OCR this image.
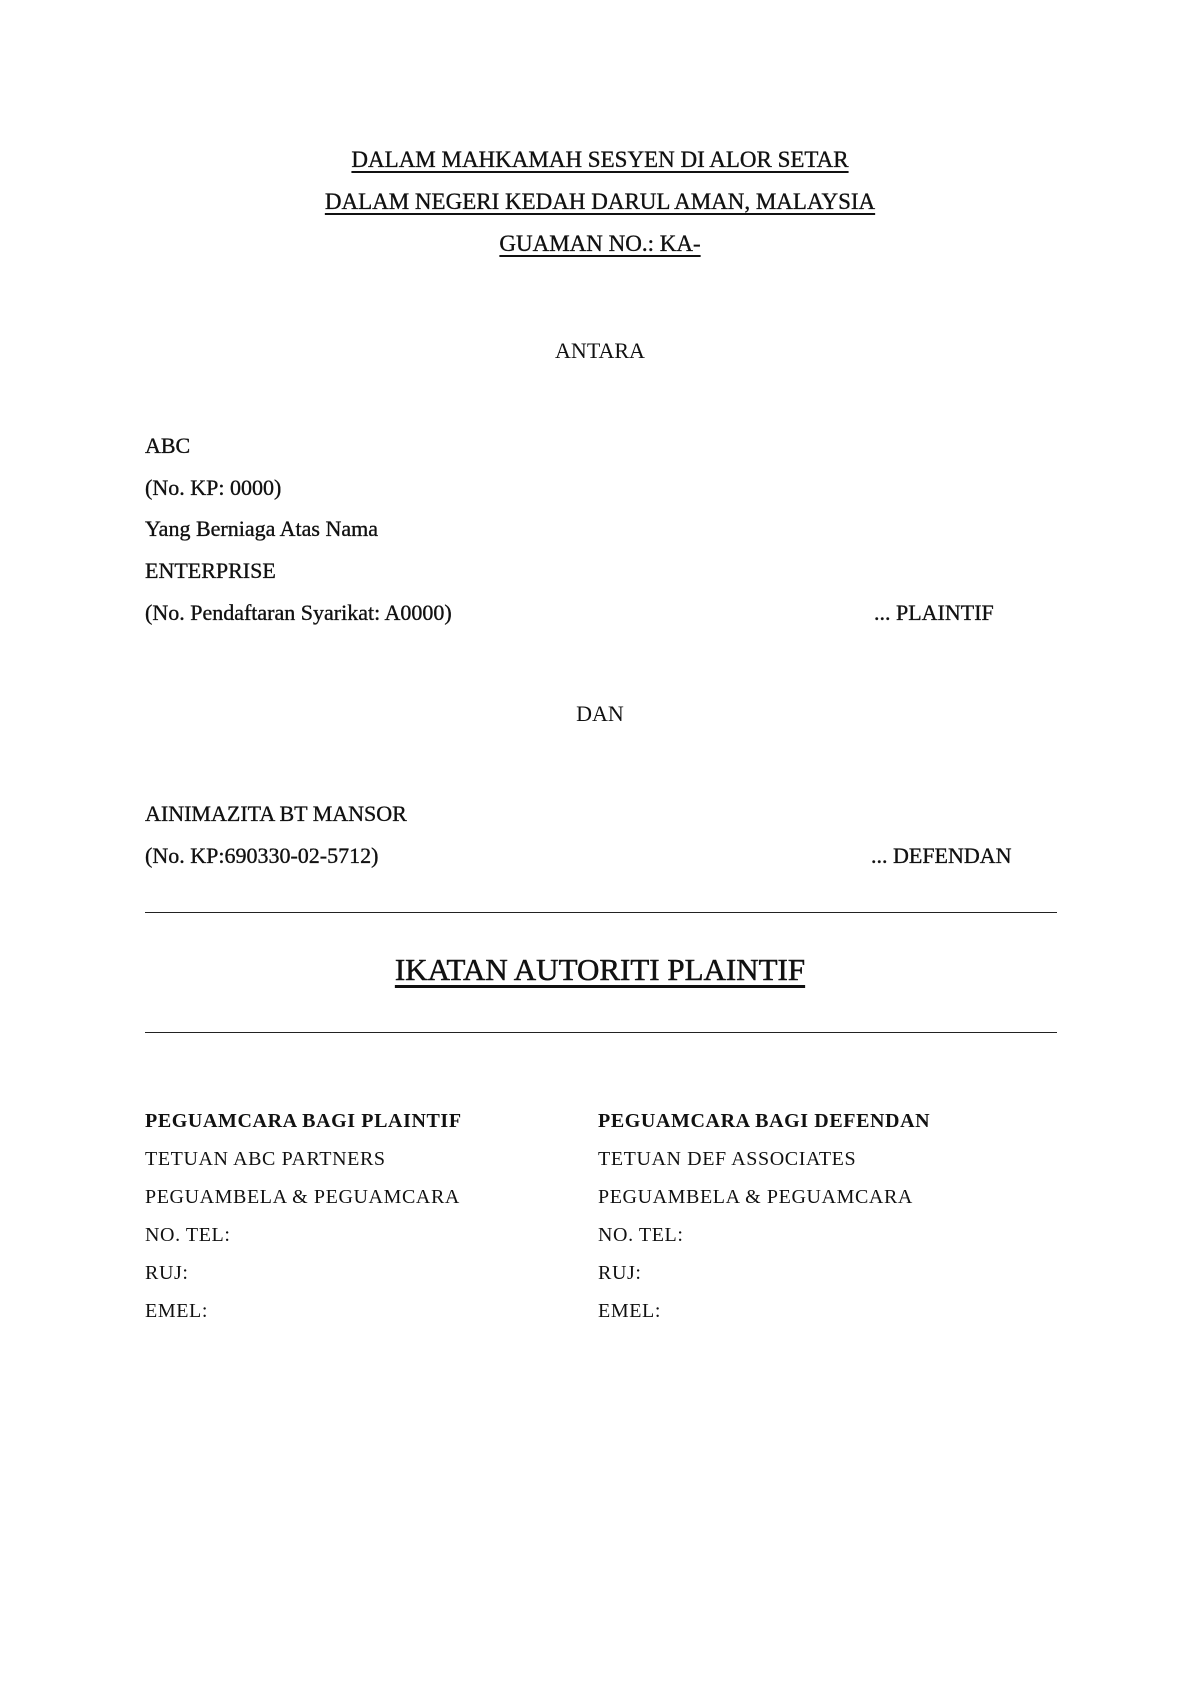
DALAM MAHKAMAH SESYEN DI ALOR SETAR
DALAM NEGERI KEDAH DARUL AMAN, MALAYSIA
GUAMAN NO.: KA-
ANTARA
ABC
(No. KP: 0000)
Yang Berniaga Atas Nama
ENTERPRISE
(No. Pendaftaran Syarikat: A0000)	... PLAINTIF
DAN
AINIMAZITA BT MANSOR
(No. KP:690330-02-5712)	... DEFENDAN
IKATAN AUTORITI PLAINTIF
PEGUAMCARA BAGI PLAINTIF
TETUAN ABC PARTNERS
PEGUAMBELA & PEGUAMCARA
NO. TEL:
RUJ:
EMEL:
PEGUAMCARA BAGI DEFENDAN
TETUAN DEF ASSOCIATES
PEGUAMBELA & PEGUAMCARA
NO. TEL:
RUJ:
EMEL:
